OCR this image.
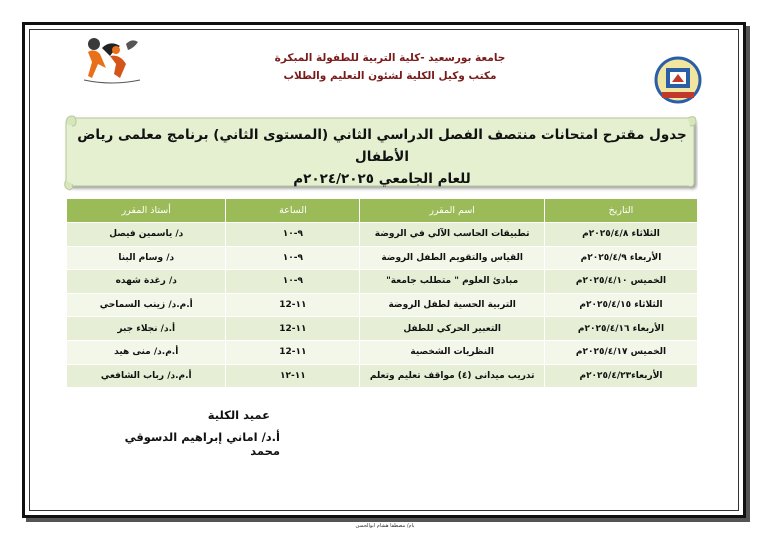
جامعة بورسعيد -كلية التربية للطفولة المبكرة
مكتب وكيل الكلية لشئون التعليم والطلاب
جدول مقترح امتحانات منتصف الفصل الدراسي الثاني (المستوى الثاني) برنامج معلمى رياض الأطفال
للعام الجامعي ٢٠٢٤/٢٠٢٥م
التاريخ	اسم المقرر	الساعة	أستاذ المقرر
الثلاثاء ٢٠٢٥/٤/٨م	تطبيقات الحاسب الآلي في الروضة	٩-١٠	د/ ياسمين فيصل
الأربعاء ٢٠٢٥/٤/٩م	القياس والتقويم الطفل الروضة	٩-١٠	د/ وسام البنا
الخميس ٢٠٢٥/٤/١٠م	مبادئ العلوم " متطلب جامعة"	٩-١٠	د/ رغدة شهده
الثلاثاء ٢٠٢٥/٤/١٥م	التربية الحسية لطفل الروضة	١١-12	أ.م.د/ زينب السماحي
الأربعاء ٢٠٢٥/٤/١٦م	التعبير الحركي للطفل	١١-12	أ.د/ نجلاء جبر
الخميس ٢٠٢٥/٤/١٧م	النظريات الشخصية	١١-12	أ.م.د/ منى هيد
الأربعاء٢٠٢٥/٤/٢٣م	تدريب ميدانى (٤) مواقف تعليم وتعلم	١١-١٢	أ.م.د/ رباب الشافعي
عميد الكلية
أ.د/ اماني إبراهيم الدسوقي محمد
بام/ مصطفا هشام ابوالحسن
